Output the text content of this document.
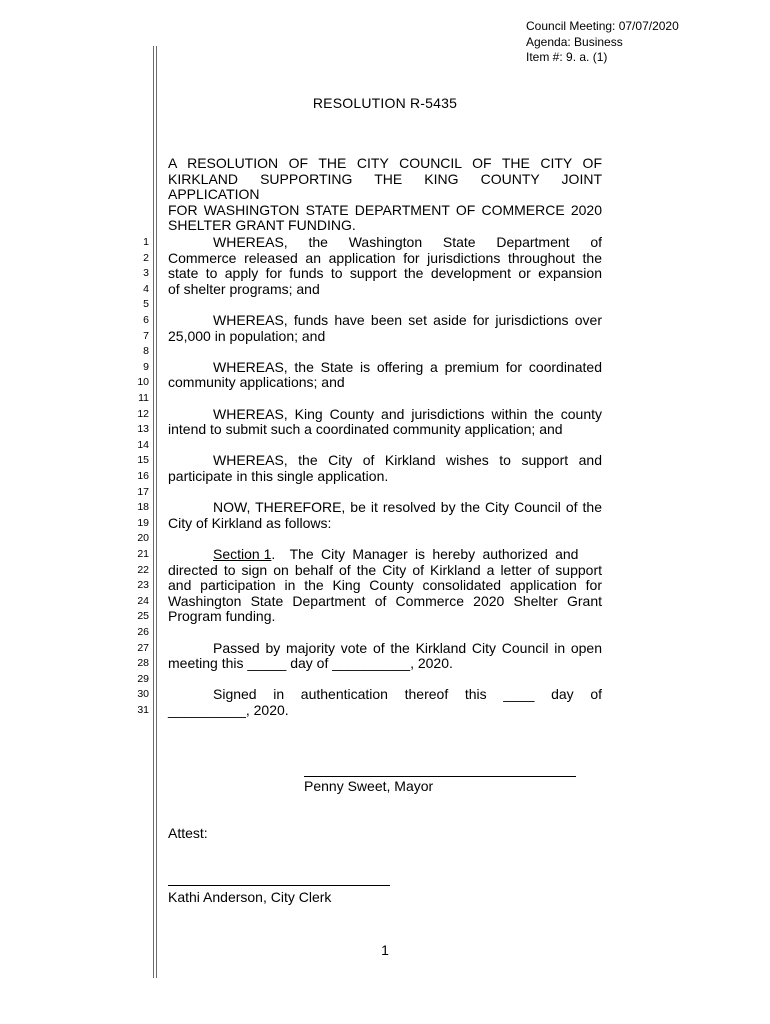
Council Meeting: 07/07/2020
Agenda: Business
Item #: 9. a. (1)
RESOLUTION R-5435
A RESOLUTION OF THE CITY COUNCIL OF THE CITY OF
KIRKLAND SUPPORTING THE KING COUNTY JOINT APPLICATION
FOR WASHINGTON STATE DEPARTMENT OF COMMERCE 2020
SHELTER GRANT FUNDING.
1
2
3
4
5
6
7
8
9
10
11
12
13
14
15
16
17
18
19
20
21
22
23
24
25
26
27
28
29
30
31
WHEREAS, the Washington State Department of
Commerce released an application for jurisdictions throughout the
state to apply for funds to support the development or expansion
of shelter programs; and
WHEREAS, funds have been set aside for jurisdictions over
25,000 in population; and
WHEREAS, the State is offering a premium for coordinated
community applications; and
WHEREAS, King County and jurisdictions within the county
intend to submit such a coordinated community application; and
WHEREAS, the City of Kirkland wishes to support and
participate in this single application.
NOW, THEREFORE, be it resolved by the City Council of the
City of Kirkland as follows:
Section 1 .  The City Manager is hereby authorized and
directed to sign on behalf of the City of Kirkland a letter of support
and participation in the King County consolidated application for
Washington State Department of Commerce 2020 Shelter Grant
Program funding.
Passed by majority vote of the Kirkland City Council in open
meeting this _____ day of __________, 2020.
Signed in authentication thereof this ____ day of
__________, 2020.
Penny Sweet, Mayor
Attest:
Kathi Anderson, City Clerk
1
